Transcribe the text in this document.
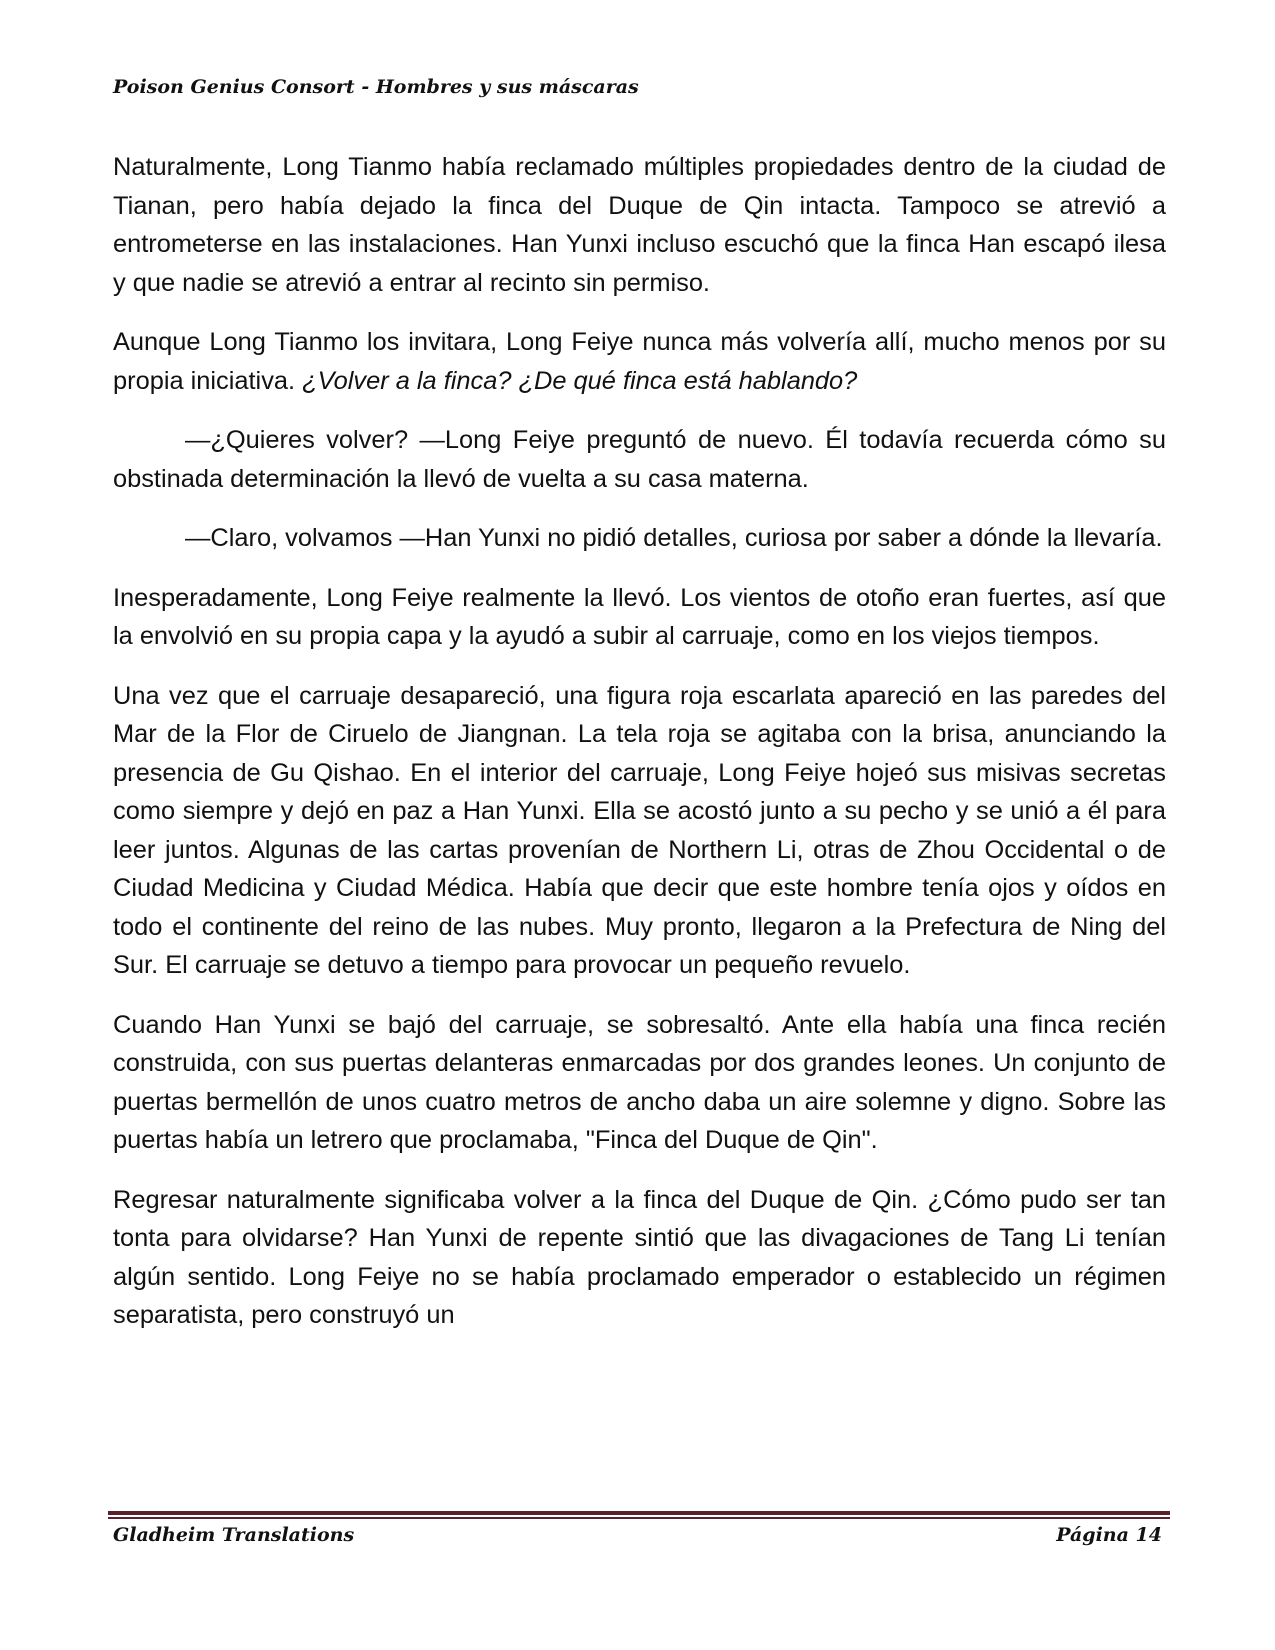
Poison Genius Consort - Hombres y sus máscaras

Naturalmente, Long Tianmo había reclamado múltiples propiedades dentro de la ciudad de Tianan, pero había dejado la finca del Duque de Qin intacta. Tampoco se atrevió a entrometerse en las instalaciones. Han Yunxi incluso escuchó que la finca Han escapó ilesa y que nadie se atrevió a entrar al recinto sin permiso.

Aunque Long Tianmo los invitara, Long Feiye nunca más volvería allí, mucho menos por su propia iniciativa. ¿Volver a la finca? ¿De qué finca está hablando?

—¿Quieres volver? —Long Feiye preguntó de nuevo. Él todavía recuerda cómo su obstinada determinación la llevó de vuelta a su casa materna.

—Claro, volvamos —Han Yunxi no pidió detalles, curiosa por saber a dónde la llevaría.

Inesperadamente, Long Feiye realmente la llevó. Los vientos de otoño eran fuertes, así que la envolvió en su propia capa y la ayudó a subir al carruaje, como en los viejos tiempos.

Una vez que el carruaje desapareció, una figura roja escarlata apareció en las paredes del Mar de la Flor de Ciruelo de Jiangnan. La tela roja se agitaba con la brisa, anunciando la presencia de Gu Qishao. En el interior del carruaje, Long Feiye hojeó sus misivas secretas como siempre y dejó en paz a Han Yunxi. Ella se acostó junto a su pecho y se unió a él para leer juntos. Algunas de las cartas provenían de Northern Li, otras de Zhou Occidental o de Ciudad Medicina y Ciudad Médica. Había que decir que este hombre tenía ojos y oídos en todo el continente del reino de las nubes. Muy pronto, llegaron a la Prefectura de Ning del Sur. El carruaje se detuvo a tiempo para provocar un pequeño revuelo.

Cuando Han Yunxi se bajó del carruaje, se sobresaltó. Ante ella había una finca recién construida, con sus puertas delanteras enmarcadas por dos grandes leones. Un conjunto de puertas bermellón de unos cuatro metros de ancho daba un aire solemne y digno. Sobre las puertas había un letrero que proclamaba, "Finca del Duque de Qin".

Regresar naturalmente significaba volver a la finca del Duque de Qin. ¿Cómo pudo ser tan tonta para olvidarse? Han Yunxi de repente sintió que las divagaciones de Tang Li tenían algún sentido. Long Feiye no se había proclamado emperador o establecido un régimen separatista, pero construyó un

Gladheim Translations	Página 14
